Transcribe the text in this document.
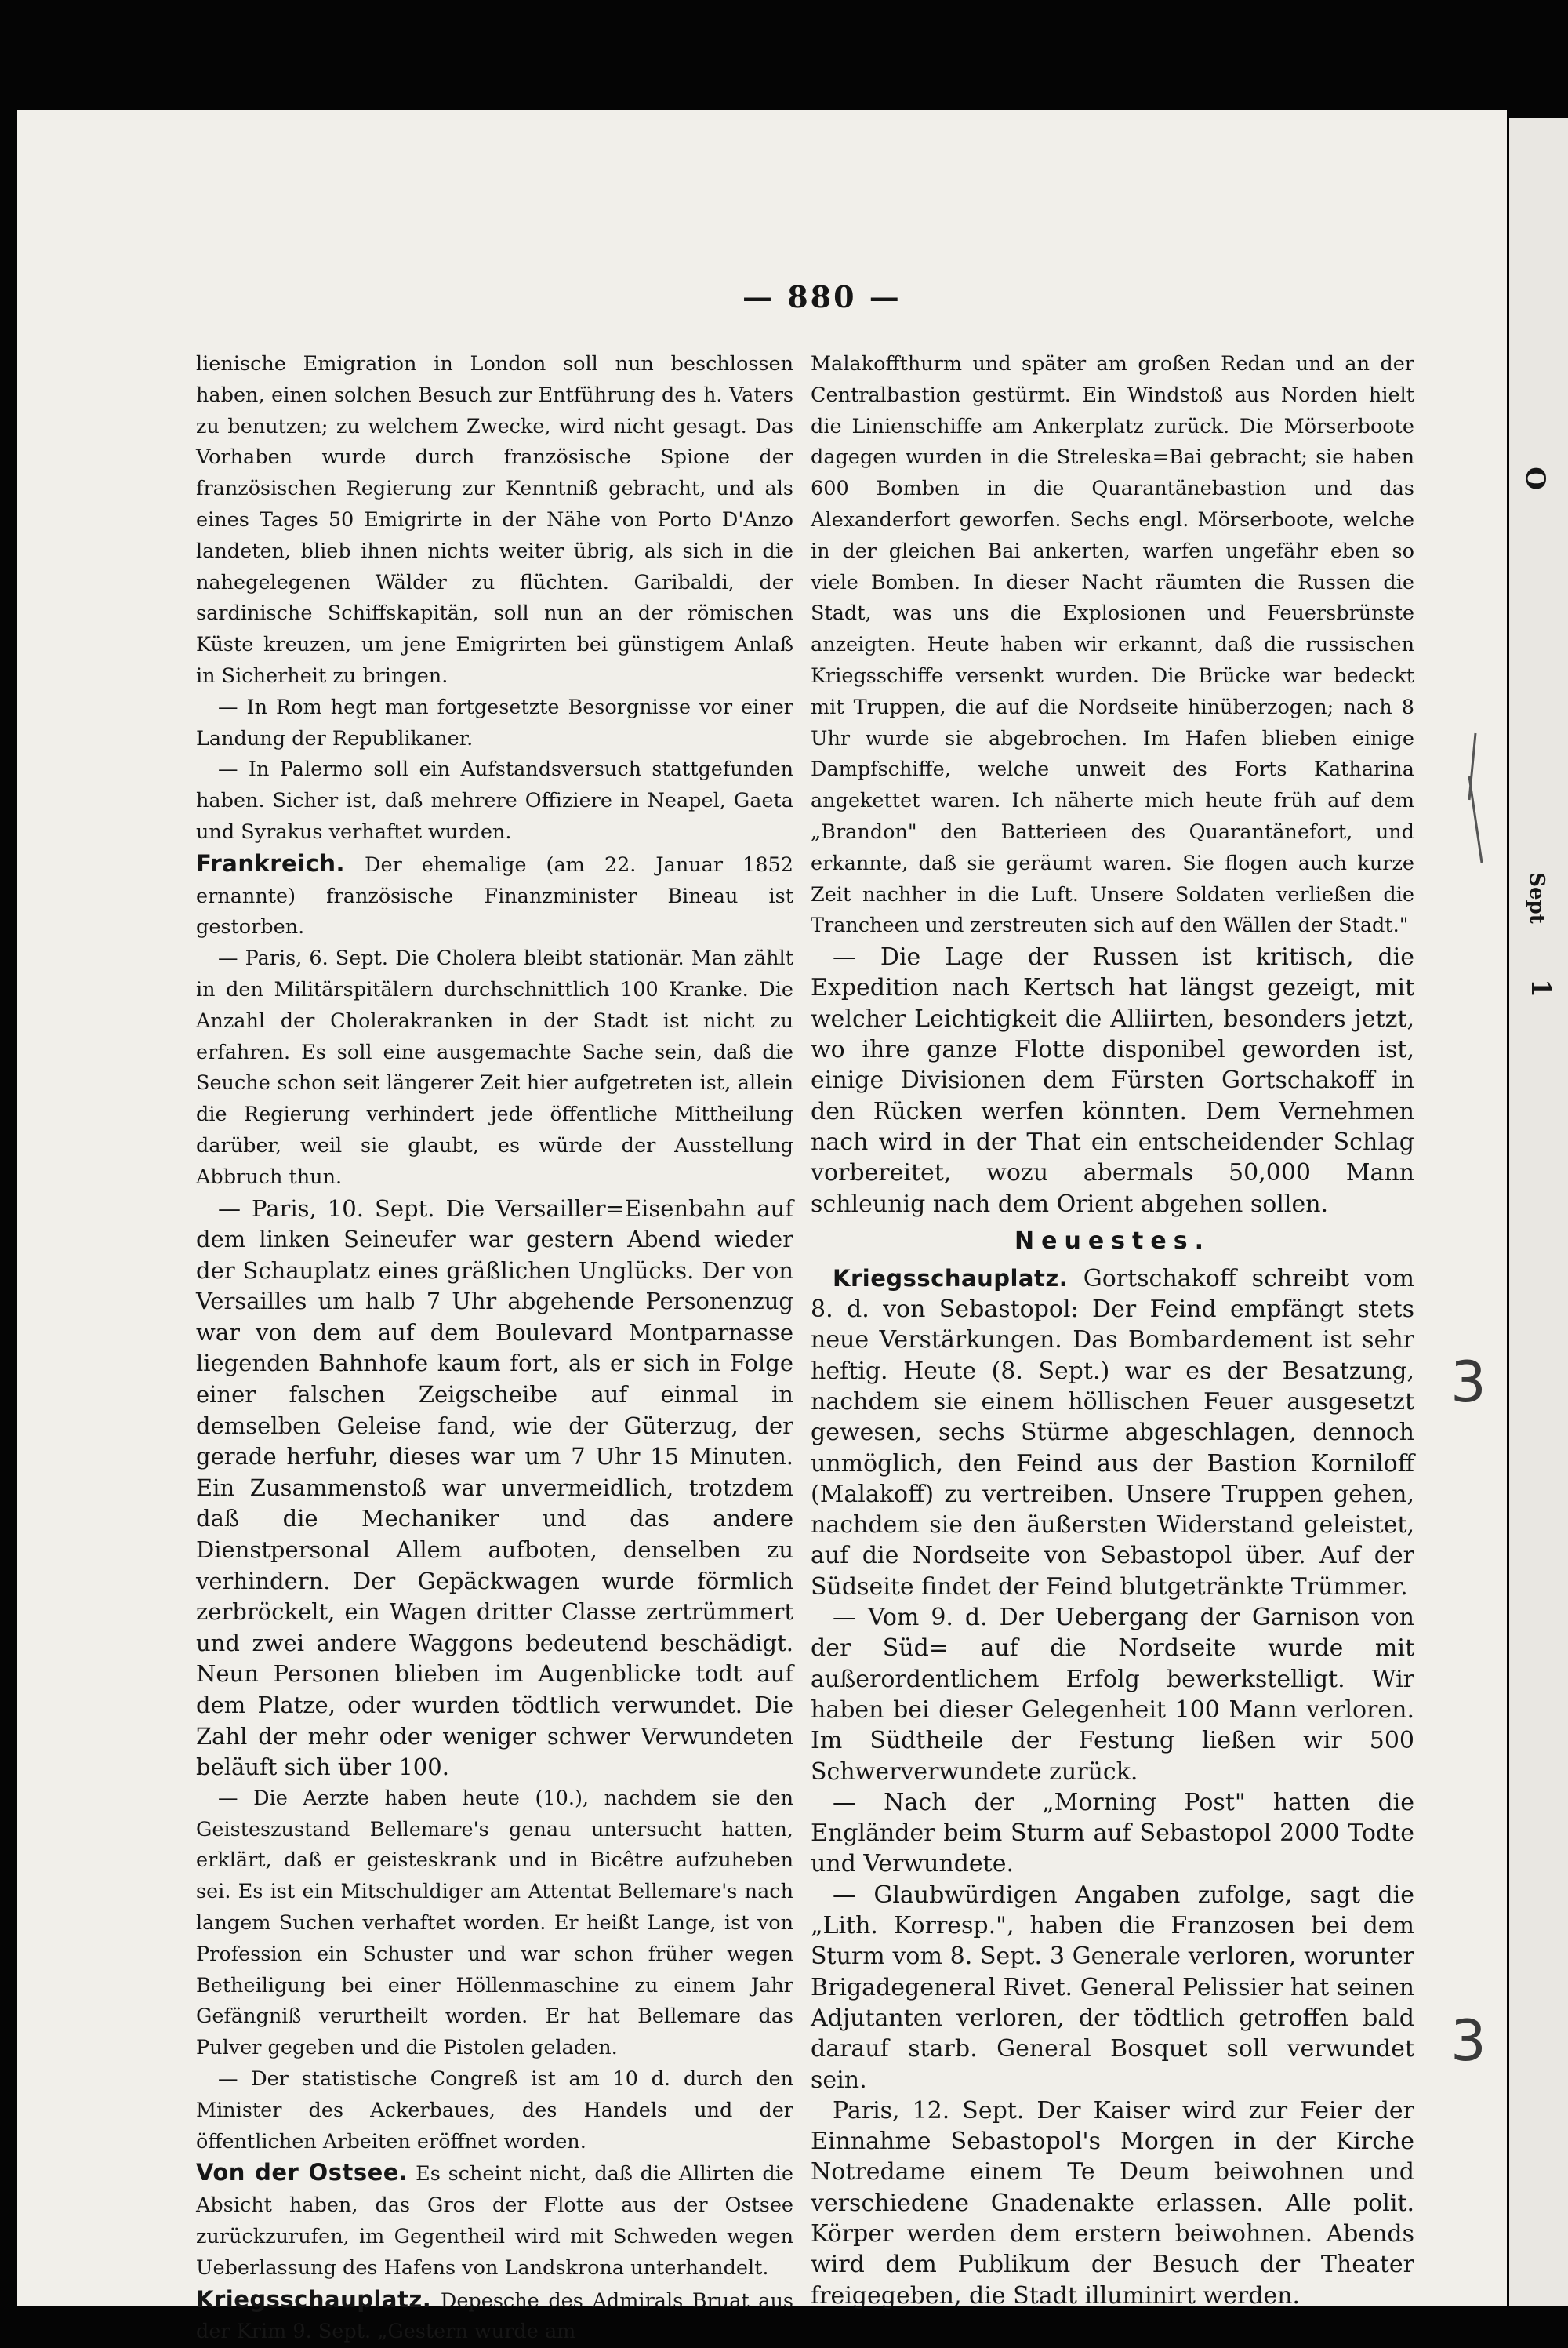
— 880 —

lienische Emigration in London soll nun beschlossen haben, einen solchen Besuch zur Entführung des h. Vaters zu benutzen; zu welchem Zwecke, wird nicht gesagt. Das Vorhaben wurde durch französische Spione der französischen Regierung zur Kenntniß gebracht, und als eines Tages 50 Emigrirte in der Nähe von Porto D'Anzo landeten, blieb ihnen nichts weiter übrig, als sich in die nahegelegenen Wälder zu flüchten. Garibaldi, der sardinische Schiffskapitän, soll nun an der römischen Küste kreuzen, um jene Emigrirten bei günstigem Anlaß in Sicherheit zu bringen.

— In Rom hegt man fortgesetzte Besorgnisse vor einer Landung der Republikaner.

— In Palermo soll ein Aufstandsversuch stattgefunden haben. Sicher ist, daß mehrere Offiziere in Neapel, Gaeta und Syrakus verhaftet wurden.

Frankreich. Der ehemalige (am 22. Januar 1852 ernannte) französische Finanzminister Bineau ist gestorben.

— Paris, 6. Sept. Die Cholera bleibt stationär. Man zählt in den Militärspitälern durchschnittlich 100 Kranke. Die Anzahl der Cholerakranken in der Stadt ist nicht zu erfahren. Es soll eine ausgemachte Sache sein, daß die Seuche schon seit längerer Zeit hier aufgetreten ist, allein die Regierung verhindert jede öffentliche Mittheilung darüber, weil sie glaubt, es würde der Ausstellung Abbruch thun.

— Paris, 10. Sept. Die Versailler=Eisenbahn auf dem linken Seineufer war gestern Abend wieder der Schauplatz eines gräßlichen Unglücks. Der von Versailles um halb 7 Uhr abgehende Personenzug war von dem auf dem Boulevard Montparnasse liegenden Bahnhofe kaum fort, als er sich in Folge einer falschen Zeigscheibe auf einmal in demselben Geleise fand, wie der Güterzug, der gerade herfuhr, dieses war um 7 Uhr 15 Minuten. Ein Zusammenstoß war unvermeidlich, trotzdem daß die Mechaniker und das andere Dienstpersonal Allem aufboten, denselben zu verhindern. Der Gepäckwagen wurde förmlich zerbröckelt, ein Wagen dritter Classe zertrümmert und zwei andere Waggons bedeutend beschädigt. Neun Personen blieben im Augenblicke todt auf dem Platze, oder wurden tödtlich verwundet. Die Zahl der mehr oder weniger schwer Verwundeten beläuft sich über 100.

— Die Aerzte haben heute (10.), nachdem sie den Geisteszustand Bellemare's genau untersucht hatten, erklärt, daß er geisteskrank und in Bicêtre aufzuheben sei. Es ist ein Mitschuldiger am Attentat Bellemare's nach langem Suchen verhaftet worden. Er heißt Lange, ist von Profession ein Schuster und war schon früher wegen Betheiligung bei einer Höllenmaschine zu einem Jahr Gefängniß verurtheilt worden. Er hat Bellemare das Pulver gegeben und die Pistolen geladen.

— Der statistische Congreß ist am 10 d. durch den Minister des Ackerbaues, des Handels und der öffentlichen Arbeiten eröffnet worden.

Von der Ostsee. Es scheint nicht, daß die Allirten die Absicht haben, das Gros der Flotte aus der Ostsee zurückzurufen, im Gegentheil wird mit Schweden wegen Ueberlassung des Hafens von Landskrona unterhandelt.

Kriegsschauplatz. Depesche des Admirals Bruat aus der Krim 9. Sept. „Gestern wurde am

Malakoffthurm und später am großen Redan und an der Centralbastion gestürmt. Ein Windstoß aus Norden hielt die Linienschiffe am Ankerplatz zurück. Die Mörserboote dagegen wurden in die Streleska=Bai gebracht; sie haben 600 Bomben in die Quarantänebastion und das Alexanderfort geworfen. Sechs engl. Mörserboote, welche in der gleichen Bai ankerten, warfen ungefähr eben so viele Bomben. In dieser Nacht räumten die Russen die Stadt, was uns die Explosionen und Feuersbrünste anzeigten. Heute haben wir erkannt, daß die russischen Kriegsschiffe versenkt wurden. Die Brücke war bedeckt mit Truppen, die auf die Nordseite hinüberzogen; nach 8 Uhr wurde sie abgebrochen. Im Hafen blieben einige Dampfschiffe, welche unweit des Forts Katharina angekettet waren. Ich näherte mich heute früh auf dem „Brandon" den Batterieen des Quarantänefort, und erkannte, daß sie geräumt waren. Sie flogen auch kurze Zeit nachher in die Luft. Unsere Soldaten verließen die Trancheen und zerstreuten sich auf den Wällen der Stadt."

— Die Lage der Russen ist kritisch, die Expedition nach Kertsch hat längst gezeigt, mit welcher Leichtigkeit die Alliirten, besonders jetzt, wo ihre ganze Flotte disponibel geworden ist, einige Divisionen dem Fürsten Gortschakoff in den Rücken werfen könnten. Dem Vernehmen nach wird in der That ein entscheidender Schlag vorbereitet, wozu abermals 50,000 Mann schleunig nach dem Orient abgehen sollen.

Neuestes.

Kriegsschauplatz. Gortschakoff schreibt vom 8. d. von Sebastopol: Der Feind empfängt stets neue Verstärkungen. Das Bombardement ist sehr heftig. Heute (8. Sept.) war es der Besatzung, nachdem sie einem höllischen Feuer ausgesetzt gewesen, sechs Stürme abgeschlagen, dennoch unmöglich, den Feind aus der Bastion Korniloff (Malakoff) zu vertreiben. Unsere Truppen gehen, nachdem sie den äußersten Widerstand geleistet, auf die Nordseite von Sebastopol über. Auf der Südseite findet der Feind blutgetränkte Trümmer.

— Vom 9. d. Der Uebergang der Garnison von der Süd= auf die Nordseite wurde mit außerordentlichem Erfolg bewerkstelligt. Wir haben bei dieser Gelegenheit 100 Mann verloren. Im Südtheile der Festung ließen wir 500 Schwerverwundete zurück.

— Nach der „Morning Post" hatten die Engländer beim Sturm auf Sebastopol 2000 Todte und Verwundete.

— Glaubwürdigen Angaben zufolge, sagt die „Lith. Korresp.", haben die Franzosen bei dem Sturm vom 8. Sept. 3 Generale verloren, worunter Brigadegeneral Rivet. General Pelissier hat seinen Adjutanten verloren, der tödtlich getroffen bald darauf starb. General Bosquet soll verwundet sein.

Paris, 12. Sept. Der Kaiser wird zur Feier der Einnahme Sebastopol's Morgen in der Kirche Notredame einem Te Deum beiwohnen und verschiedene Gnadenakte erlassen. Alle polit. Körper werden dem erstern beiwohnen. Abends wird dem Publikum der Besuch der Theater freigegeben, die Stadt illuminirt werden.

3
3
O
Sept
1
